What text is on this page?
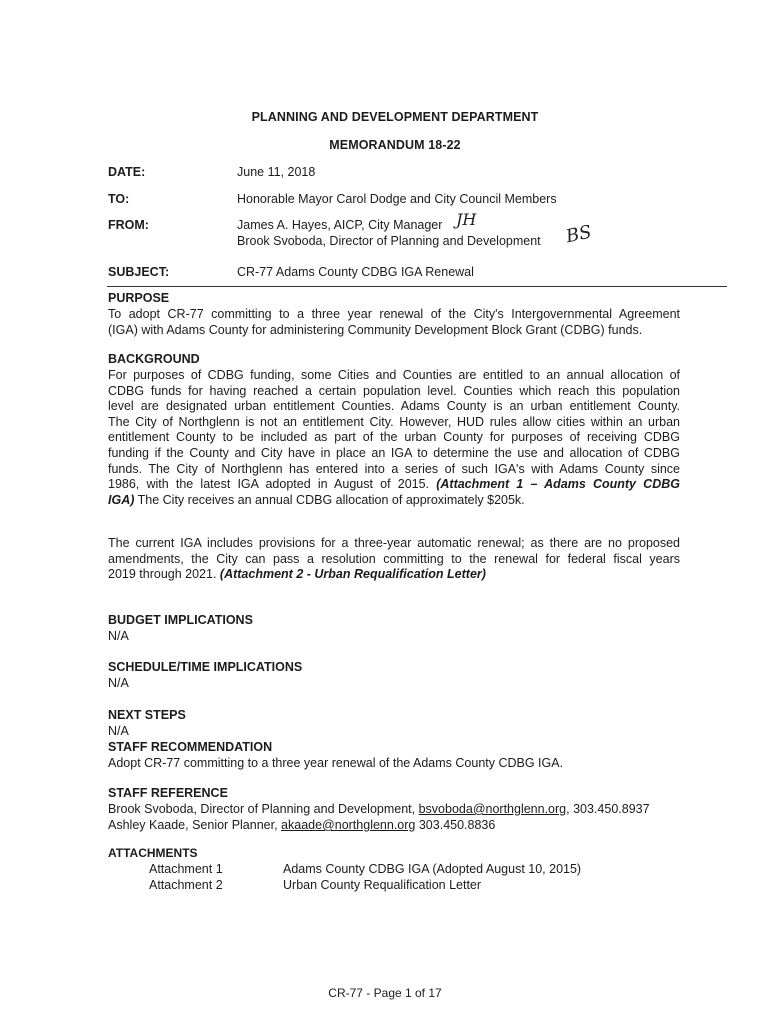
PLANNING AND DEVELOPMENT DEPARTMENT
MEMORANDUM 18-22
DATE:	June 11, 2018
TO:	Honorable Mayor Carol Dodge and City Council Members
FROM:	James A. Hayes, AICP, City Manager JH
Brook Svoboda, Director of Planning and Development BS
SUBJECT:	CR-77 Adams County CDBG IGA Renewal
PURPOSE
To adopt CR-77 committing to a three year renewal of the City's Intergovernmental Agreement
(IGA) with Adams County for administering Community Development Block Grant (CDBG) funds.
BACKGROUND
For purposes of CDBG funding, some Cities and Counties are entitled to an annual allocation of
CDBG funds for having reached a certain population level. Counties which reach this population
level are designated urban entitlement Counties. Adams County is an urban entitlement County.
The City of Northglenn is not an entitlement City. However, HUD rules allow cities within an urban
entitlement County to be included as part of the urban County for purposes of receiving CDBG
funding if the County and City have in place an IGA to determine the use and allocation of CDBG
funds. The City of Northglenn has entered into a series of such IGA's with Adams County since
1986, with the latest IGA adopted in August of 2015. (Attachment 1 – Adams County CDBG
IGA) The City receives an annual CDBG allocation of approximately $205k.
The current IGA includes provisions for a three-year automatic renewal; as there are no proposed
amendments, the City can pass a resolution committing to the renewal for federal fiscal years
2019 through 2021. (Attachment 2 - Urban Requalification Letter)
BUDGET IMPLICATIONS
N/A
SCHEDULE/TIME IMPLICATIONS
N/A
NEXT STEPS
N/A
STAFF RECOMMENDATION
Adopt CR-77 committing to a three year renewal of the Adams County CDBG IGA.
STAFF REFERENCE
Brook Svoboda, Director of Planning and Development, bsvoboda@northglenn.org, 303.450.8937
Ashley Kaade, Senior Planner, akaade@northglenn.org 303.450.8836
ATTACHMENTS
Attachment 1	Adams County CDBG IGA (Adopted August 10, 2015)
Attachment 2	Urban County Requalification Letter
CR-77 - Page 1 of 17
